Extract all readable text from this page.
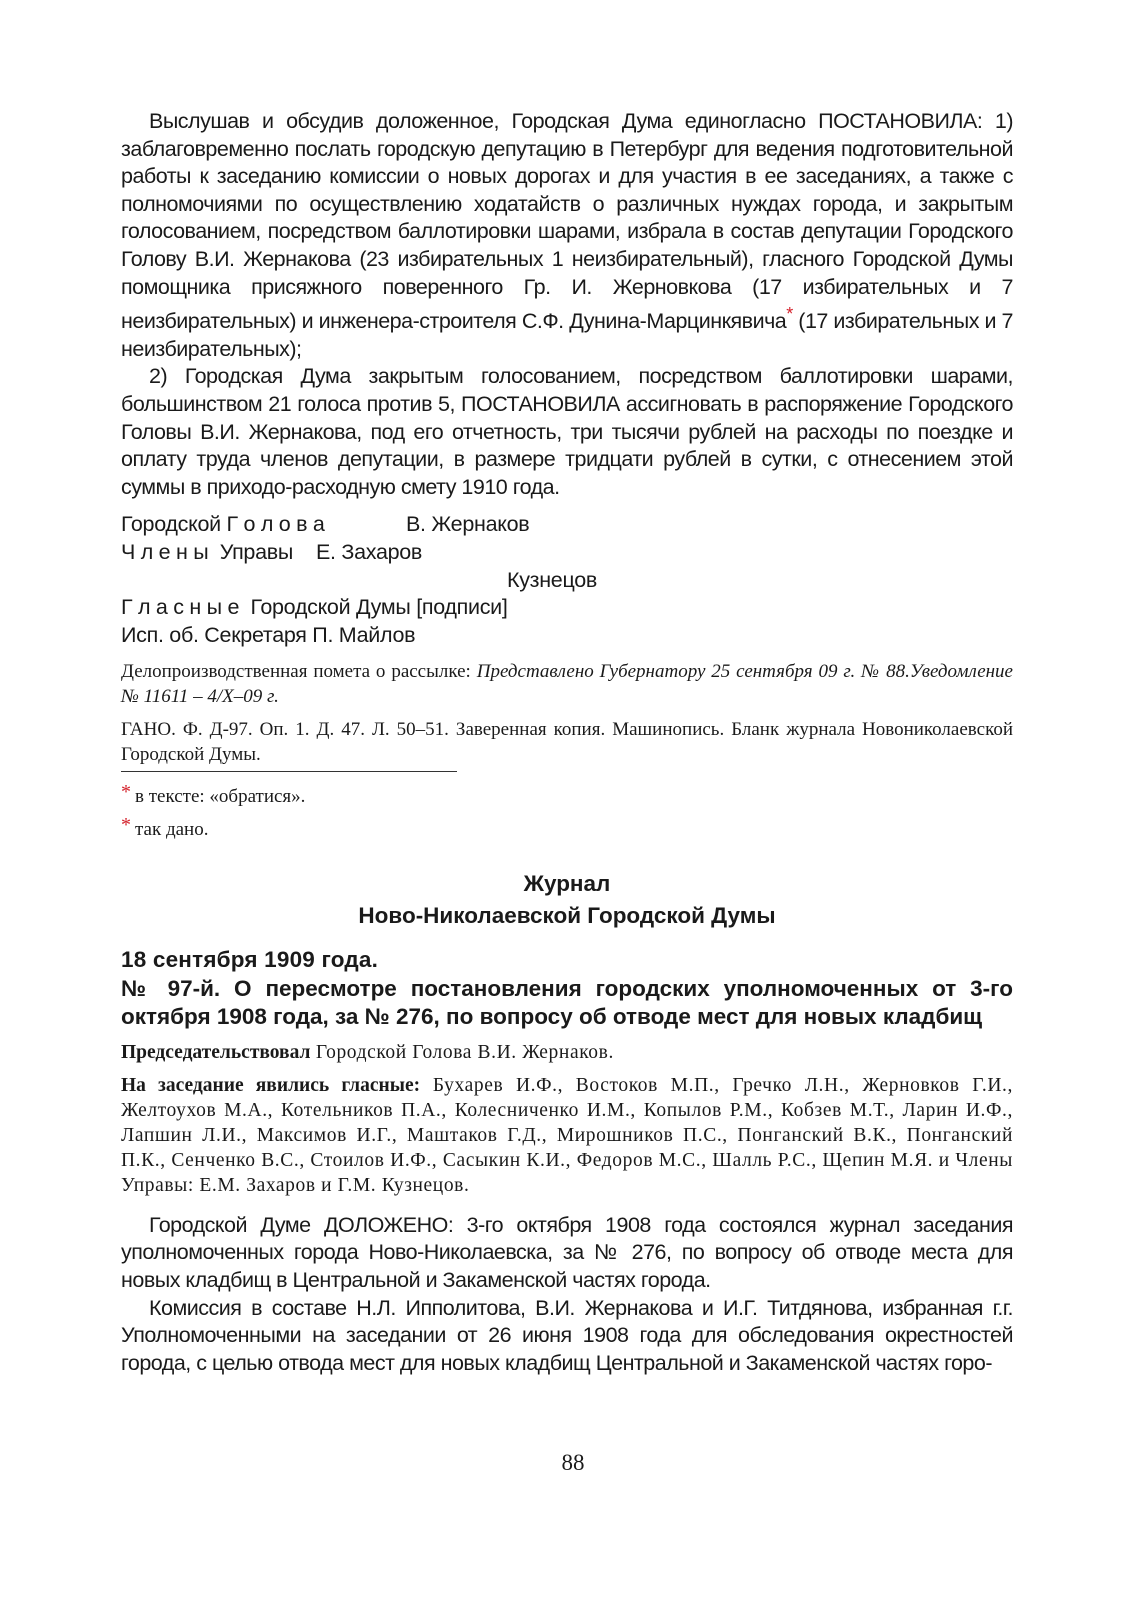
Выслушав и обсудив доложенное, Городская Дума единогласно ПОСТАНОВИЛА: 1) заблаговременно послать городскую депутацию в Петербург для ведения подготовительной работы к заседанию комиссии о новых дорогах и для участия в ее заседаниях, а также с полномочиями по осуществлению ходатайств о различных нуждах города, и закрытым голосованием, посредством баллотировки шарами, избрала в состав депутации Городского Голову В.И. Жернакова (23 избирательных 1 неизбирательный), гласного Городской Думы помощника присяжного поверенного Гр. И. Жерновкова (17 избирательных и 7 неизбирательных) и инженера-строителя С.Ф. Дунина-Марцинкявича* (17 избирательных и 7 неизбирательных);

2) Городская Дума закрытым голосованием, посредством баллотировки шарами, большинством 21 голоса против 5, ПОСТАНОВИЛА ассигновать в распоряжение Городского Головы В.И. Жернакова, под его отчетность, три тысячи рублей на расходы по поездке и оплату труда членов депутации, в размере тридцати рублей в сутки, с отнесением этой суммы в приходо-расходную смету 1910 года.

Городской Г о л о в а	В. Жернаков
Ч л е н ы  Управы	Е. Захаров
Кузнецов
Г л а с н ы е  Городской Думы [подписи]
Исп. об. Секретаря П. Майлов

Делопроизводственная помета о рассылке: Представлено Губернатору 25 сентября 09 г. № 88.Уведомление № 11611 – 4/X–09 г.

ГАНО. Ф. Д-97. Оп. 1. Д. 47. Л. 50–51. Заверенная копия. Машинопись. Бланк журнала Новониколаевской Городской Думы.

* в тексте: «обратися».

* так дано.

Журнал

Ново-Николаевской Городской Думы

18 сентября 1909 года.

№ 97-й. О пересмотре постановления городских уполномоченных от 3-го октября 1908 года, за № 276, по вопросу об отводе мест для новых кладбищ

Председательствовал Городской Голова В.И. Жернаков.

На заседание явились гласные: Бухарев И.Ф., Востоков М.П., Гречко Л.Н., Жерновков Г.И., Желтоухов М.А., Котельников П.А., Колесниченко И.М., Копылов Р.М., Кобзев М.Т., Ларин И.Ф., Лапшин Л.И., Максимов И.Г., Маштаков Г.Д., Мирошников П.С., Понганский В.К., Понганский П.К., Сенченко В.С., Стоилов И.Ф., Сасыкин К.И., Федоров М.С., Шалль Р.С., Щепин М.Я. и Члены Управы: Е.М. Захаров и Г.М. Кузнецов.

Городской Думе ДОЛОЖЕНО: 3-го октября 1908 года состоялся журнал заседания уполномоченных города Ново-Николаевска, за № 276, по вопросу об отводе места для новых кладбищ в Центральной и Закаменской частях города.

Комиссия в составе Н.Л. Ипполитова, В.И. Жернакова и И.Г. Титдянова, избранная г.г. Уполномоченными на заседании от 26 июня 1908 года для обследования окрестностей города, с целью отвода мест для новых кладбищ Центральной и Закаменской частях горо-

88
